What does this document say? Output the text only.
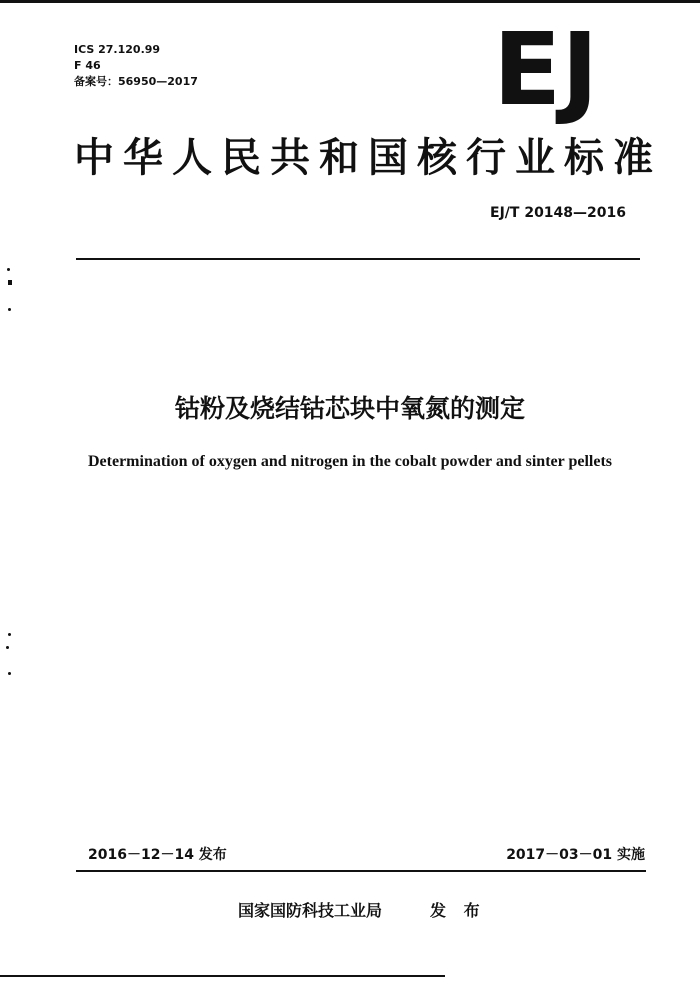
ICS 27.120.99
F 46
备案号：56950—2017	EJ
中华人民共和国核行业标准
EJ/T 20148—2016
钴粉及烧结钴芯块中氧氮的测定
Determination of oxygen and nitrogen in the cobalt powder and sinter pellets
2016－12－14 发布	2017－03－01 实施
国家国防科技工业局	发 布
